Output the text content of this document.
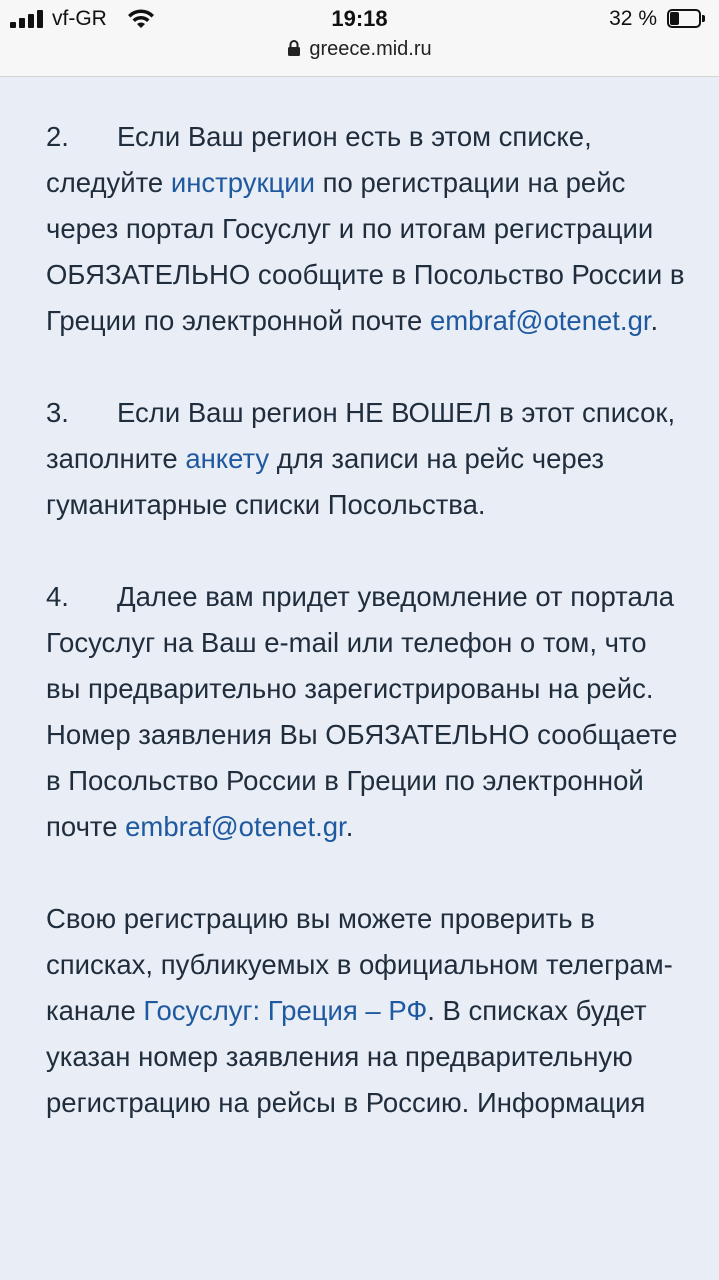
vf-GR	19:18	32 %
greece.mid.ru

2. Если Ваш регион есть в этом списке, следуйте инструкции по регистрации на рейс через портал Госуслуг и по итогам регистрации ОБЯЗАТЕЛЬНО сообщите в Посольство России в Греции по электронной почте embraf@otenet.gr.

3. Если Ваш регион НЕ ВОШЕЛ в этот список, заполните анкету для записи на рейс через гуманитарные списки Посольства.

4. Далее вам придет уведомление от портала Госуслуг на Ваш e-mail или телефон о том, что вы предварительно зарегистрированы на рейс. Номер заявления Вы ОБЯЗАТЕЛЬНО сообщаете в Посольство России в Греции по электронной почте embraf@otenet.gr.

Свою регистрацию вы можете проверить в списках, публикуемых в официальном телеграм-канале Госуслуг: Греция – РФ. В списках будет указан номер заявления на предварительную регистрацию на рейсы в Россию. Информация
